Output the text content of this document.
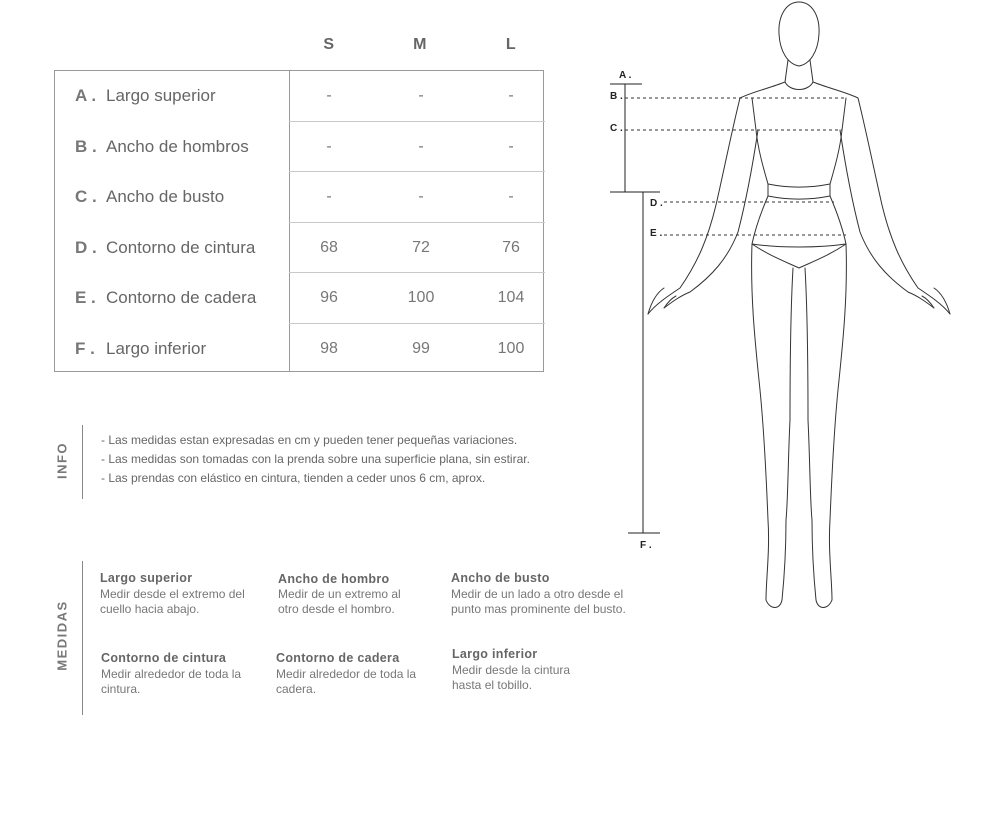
S	M	L
A . Largo superior	-	-	-
B . Ancho de hombros	-	-	-
C . Ancho de busto	-	-	-
D . Contorno de cintura	68	72	76
E . Contorno de cadera	96	100	104
F . Largo inferior	98	99	100
INFO
- Las medidas estan expresadas en cm y pueden tener pequeñas variaciones.
- Las medidas son tomadas con la prenda sobre una superficie plana, sin estirar.
- Las prendas con elástico en cintura, tienden a ceder unos 6 cm, aprox.
MEDIDAS
Largo superior
Medir desde el extremo del cuello hacia abajo.
Ancho de hombro
Medir de un extremo al otro desde el hombro.
Ancho de busto
Medir de un lado a otro desde el punto mas prominente del busto.
Contorno de cintura
Medir alrededor de toda la cintura.
Contorno de cadera
Medir alrededor de toda la cadera.
Largo inferior
Medir desde la cintura hasta el tobillo.
A .
B .
C .
D .
E .
F .
